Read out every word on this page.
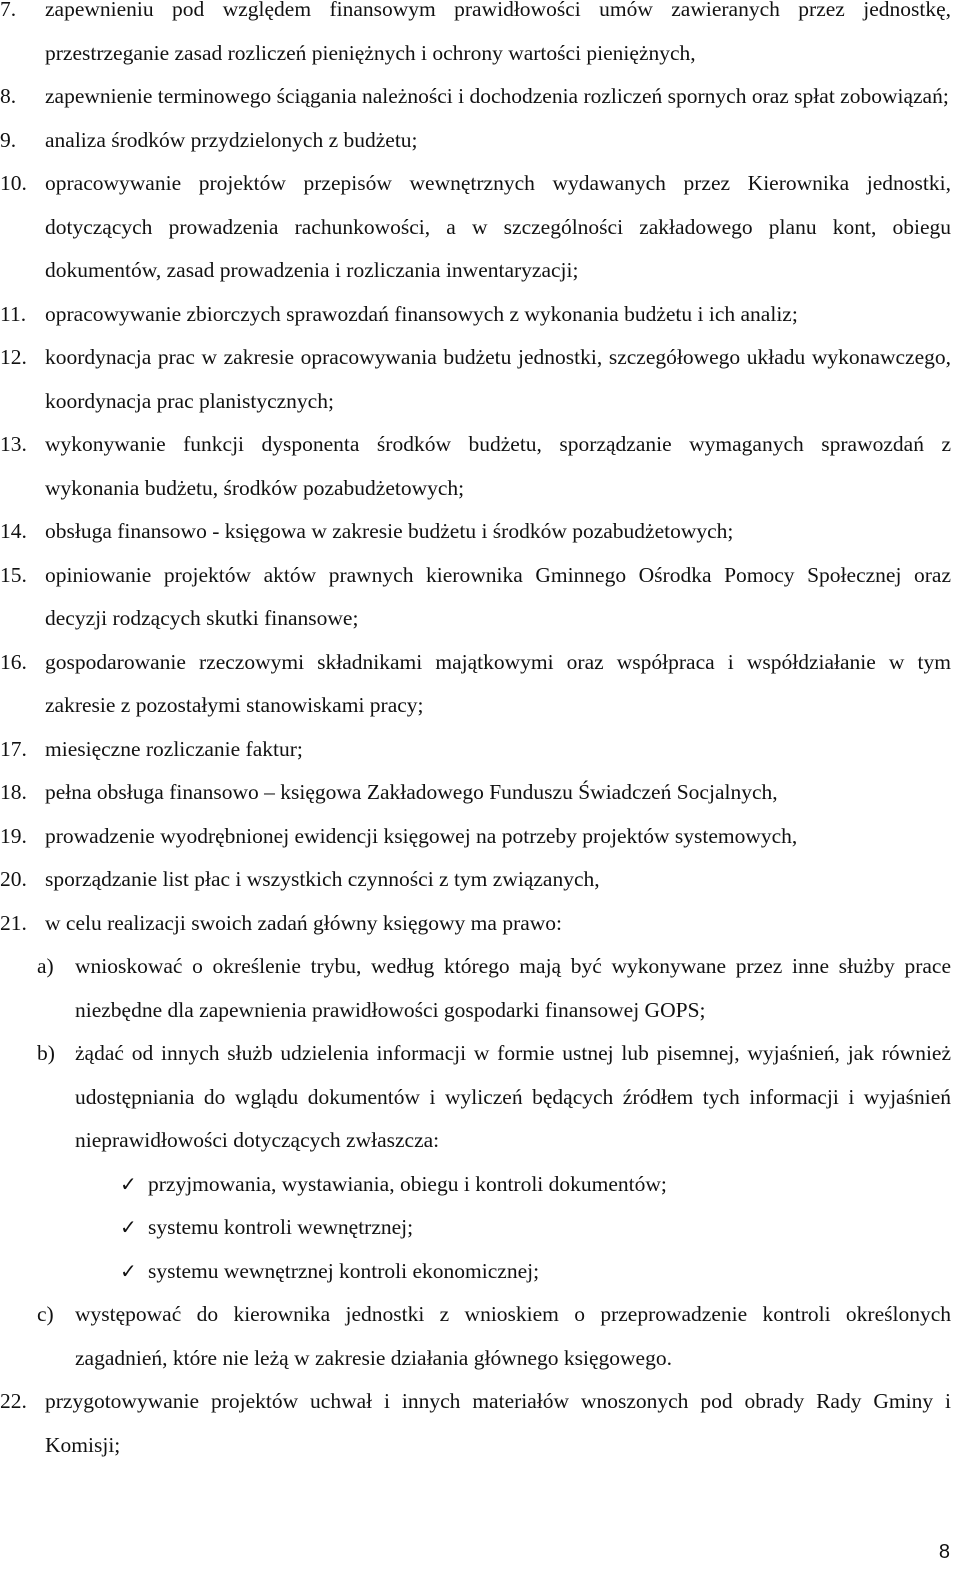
7. zapewnieniu pod względem finansowym prawidłowości umów zawieranych przez jednostkę, przestrzeganie zasad rozliczeń pieniężnych i ochrony wartości pieniężnych,
8. zapewnienie terminowego ściągania należności i dochodzenia rozliczeń spornych oraz spłat zobowiązań;
9. analiza środków przydzielonych z budżetu;
10. opracowywanie projektów przepisów wewnętrznych wydawanych przez Kierownika jednostki, dotyczących prowadzenia rachunkowości, a w szczególności zakładowego planu kont, obiegu dokumentów, zasad prowadzenia i rozliczania inwentaryzacji;
11. opracowywanie zbiorczych sprawozdań finansowych z wykonania budżetu i ich analiz;
12. koordynacja prac w zakresie opracowywania budżetu jednostki, szczegółowego układu wykonawczego, koordynacja prac planistycznych;
13. wykonywanie funkcji dysponenta środków budżetu, sporządzanie wymaganych sprawozdań z wykonania budżetu, środków pozabudżetowych;
14. obsługa finansowo - księgowa w zakresie budżetu i środków pozabudżetowych;
15. opiniowanie projektów aktów prawnych kierownika Gminnego Ośrodka Pomocy Społecznej oraz decyzji rodzących skutki finansowe;
16. gospodarowanie rzeczowymi składnikami majątkowymi oraz współpraca i współdziałanie w tym zakresie z pozostałymi stanowiskami pracy;
17. miesięczne rozliczanie faktur;
18. pełna obsługa finansowo – księgowa Zakładowego Funduszu Świadczeń Socjalnych,
19. prowadzenie wyodrębnionej ewidencji księgowej na potrzeby projektów systemowych,
20. sporządzanie list płac i wszystkich czynności z tym związanych,
21. w celu realizacji swoich zadań główny księgowy ma prawo:
a) wnioskować o określenie trybu, według którego mają być wykonywane przez inne służby prace niezbędne dla zapewnienia prawidłowości gospodarki finansowej GOPS;
b) żądać od innych służb udzielenia informacji w formie ustnej lub pisemnej, wyjaśnień, jak również udostępniania do wglądu dokumentów i wyliczeń będących źródłem tych informacji i wyjaśnień nieprawidłowości dotyczących zwłaszcza:
✓ przyjmowania, wystawiania, obiegu i kontroli dokumentów;
✓ systemu kontroli wewnętrznej;
✓ systemu wewnętrznej kontroli ekonomicznej;
c) występować do kierownika jednostki z wnioskiem o przeprowadzenie kontroli określonych zagadnień, które nie leżą w zakresie działania głównego księgowego.
22. przygotowywanie projektów uchwał i innych materiałów wnoszonych pod obrady Rady Gminy i Komisji;
8
